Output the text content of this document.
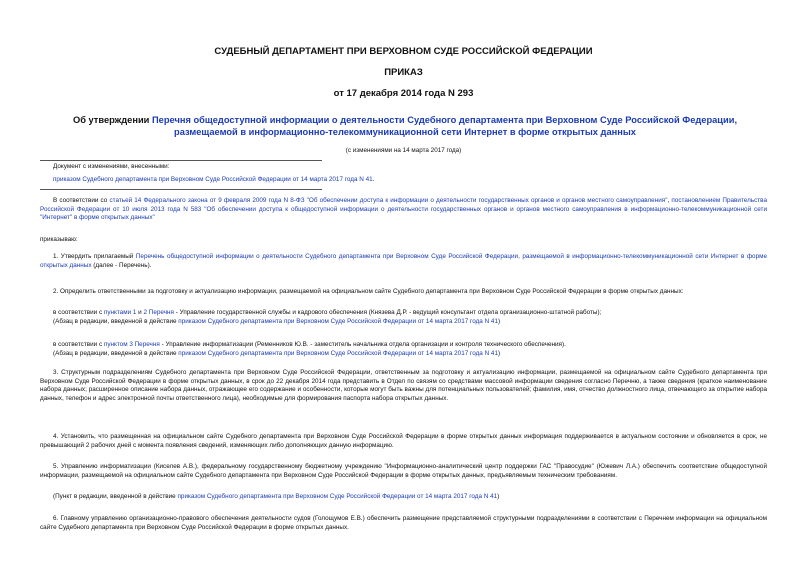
СУДЕБНЫЙ ДЕПАРТАМЕНТ ПРИ ВЕРХОВНОМ СУДЕ РОССИЙСКОЙ ФЕДЕРАЦИИ
ПРИКАЗ
от 17 декабря 2014 года N 293
Об утверждении Перечня общедоступной информации о деятельности Судебного департамента при Верховном Суде Российской Федерации, размещаемой в информационно-телекоммуникационной сети Интернет в форме открытых данных
(с изменениями на 14 марта 2017 года)
Документ с изменениями, внесенными:
приказом Судебного департамента при Верховном Суде Российской Федерации от 14 марта 2017 года N 41.
В соответствии со статьей 14 Федерального закона от 9 февраля 2009 года N 8-ФЗ "Об обеспечении доступа к информации о деятельности государственных органов и органов местного самоуправления", постановлением Правительства Российской Федерации от 10 июля 2013 года N 583 "Об обеспечении доступа к общедоступной информации о деятельности государственных органов и органов местного самоуправления в информационно-телекоммуникационной сети "Интернет" в форме открытых данных"
приказываю:
1. Утвердить прилагаемый Перечень общедоступной информации о деятельности Судебного департамента при Верховном Суде Российской Федерации, размещаемой в информационно-телекоммуникационной сети Интернет в форме открытых данных (далее - Перечень).
2. Определить ответственными за подготовку и актуализацию информации, размещаемой на официальном сайте Судебного департамента при Верховном Суде Российской Федерации в форме открытых данных:
в соответствии с пунктами 1 и 2 Перечня - Управление государственной службы и кадрового обеспечения (Князева Д.Р. - ведущий консультант отдела организационно-штатной работы);
(Абзац в редакции, введенной в действие приказом Судебного департамента при Верховном Суде Российской Федерации от 14 марта 2017 года N 41)
в соответствии с пунктом 3 Перечня - Управление информатизации (Ременников Ю.В. - заместитель начальника отдела организации и контроля технического обеспечения).
(Абзац в редакции, введенной в действие приказом Судебного департамента при Верховном Суде Российской Федерации от 14 марта 2017 года N 41)
3. Структурным подразделениям Судебного департамента при Верховном Суде Российской Федерации, ответственным за подготовку и актуализацию информации, размещаемой на официальном сайте Судебного департамента при Верховном Суде Российской Федерации в форме открытых данных, в срок до 22 декабря 2014 года представить в Отдел по связям со средствами массовой информации сведения согласно Перечню, а также сведения (краткое наименование набора данных; расширенное описание набора данных, отражающее его содержание и особенности, которые могут быть важны для потенциальных пользователей; фамилия, имя, отчество должностного лица, отвечающего за открытие набора данных, телефон и адрес электронной почты ответственного лица), необходимые для формирования паспорта набора открытых данных.
4. Установить, что размещенная на официальном сайте Судебного департамента при Верховном Суде Российской Федерации в форме открытых данных информация поддерживается в актуальном состоянии и обновляется в срок, не превышающий 2 рабочих дней с момента появления сведений, изменяющих либо дополняющих данную информацию.
5. Управлению информатизации (Киселев А.В.), федеральному государственному бюджетному учреждению "Информационно-аналитический центр поддержки ГАС "Правосудие" (Южевич Л.А.) обеспечить соответствие общедоступной информации, размещаемой на официальном сайте Судебного департамента при Верховном Суде Российской Федерации в форме открытых данных, предъявляемым техническим требованиям.
(Пункт в редакции, введенной в действие приказом Судебного департамента при Верховном Суде Российской Федерации от 14 марта 2017 года N 41)
6. Главному управлению организационно-правового обеспечения деятельности судов (Голощумов Е.В.) обеспечить размещение представляемой структурными подразделениями в соответствии с Перечнем информации на официальном сайте Судебного департамента при Верховном Суде Российской Федерации в форме открытых данных.
